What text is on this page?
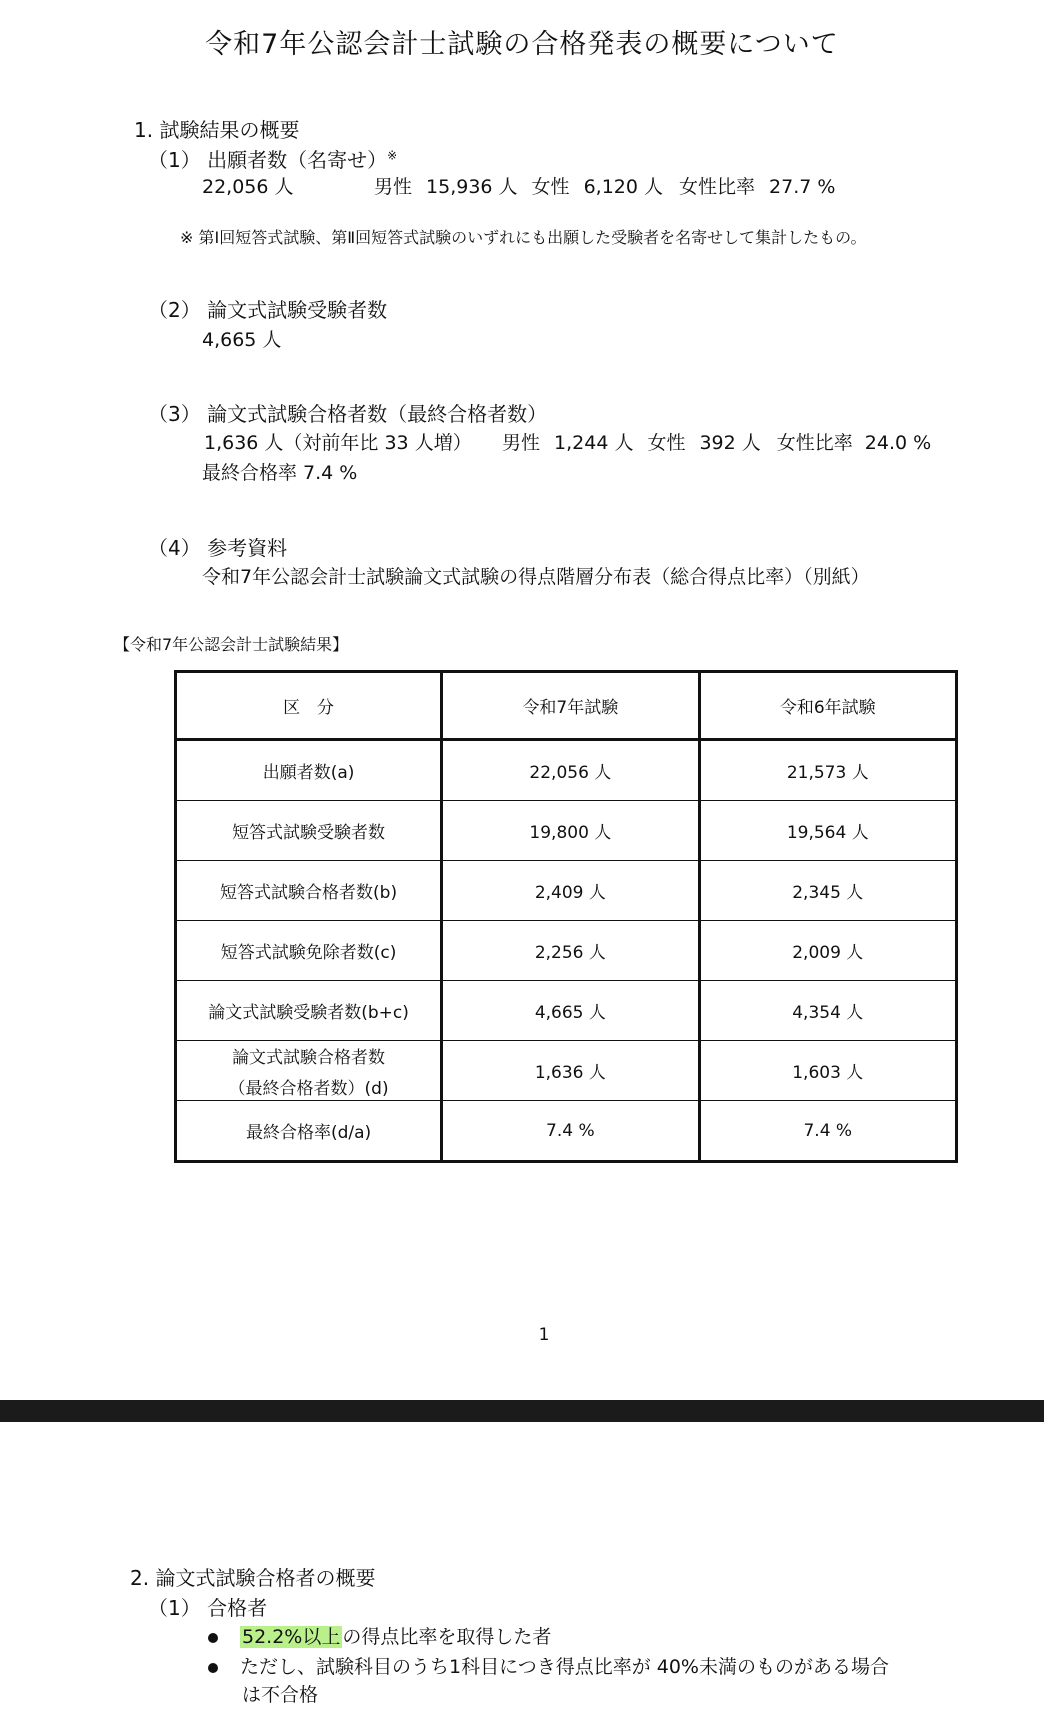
令和7年公認会計士試験の合格発表の概要について
1. 試験結果の概要
（1） 出願者数（名寄せ）※
22,056 人	男性 15,936 人 女性 6,120 人 女性比率 27.7 %
※ 第Ⅰ回短答式試験、第Ⅱ回短答式試験のいずれにも出願した受験者を名寄せして集計したもの。
（2） 論文式試験受験者数
4,665 人
（3） 論文式試験合格者数（最終合格者数）
1,636 人（対前年比 33 人増） 男性 1,244 人 女性 392 人 女性比率 24.0 %
最終合格率 7.4 %
（4） 参考資料
令和7年公認会計士試験論文式試験の得点階層分布表（総合得点比率）（別紙）
【令和7年公認会計士試験結果】
区　分	令和7年試験	令和6年試験
出願者数(a)	22,056 人	21,573 人
短答式試験受験者数	19,800 人	19,564 人
短答式試験合格者数(b)	2,409 人	2,345 人
短答式試験免除者数(c)	2,256 人	2,009 人
論文式試験受験者数(b+c)	4,665 人	4,354 人

論文式試験合格者数
（最終合格者数）(d)	1,636 人	1,603 人
最終合格率(d/a)	7.4 %	7.4 %
1
2. 論文式試験合格者の概要
（1） 合格者
52.2%以上 の得点比率を取得した者
ただし、試験科目のうち1科目につき得点比率が 40%未満のものがある場合
は不合格
